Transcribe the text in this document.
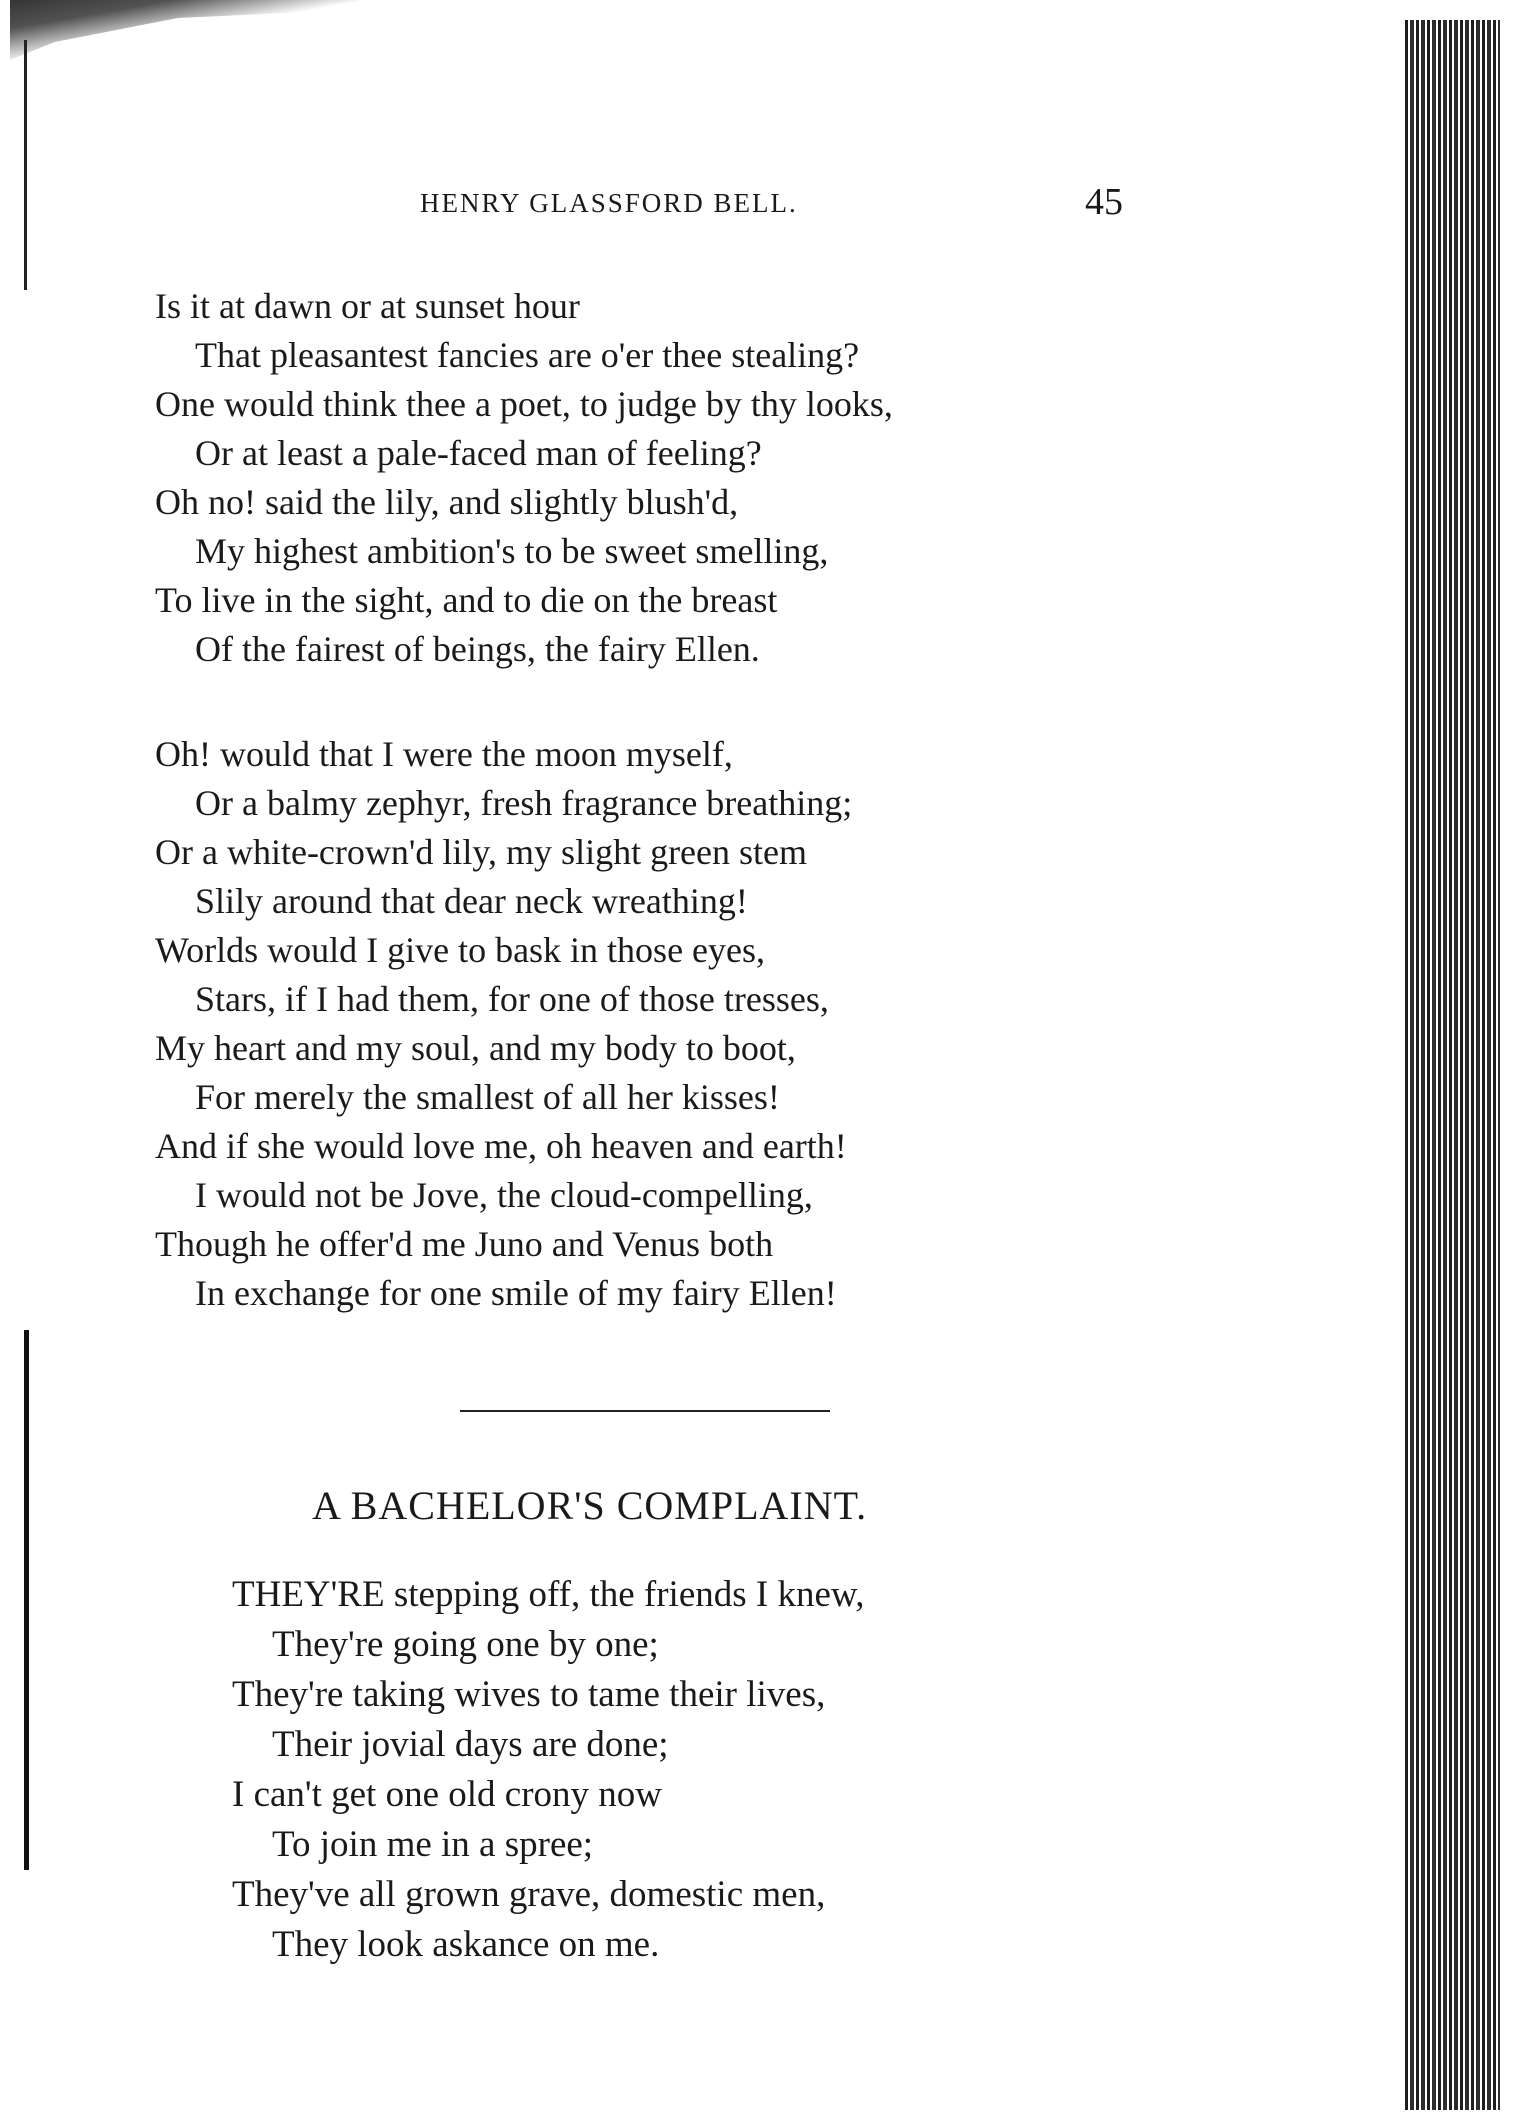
HENRY GLASSFORD BELL.	45
Is it at dawn or at sunset hour
That pleasantest fancies are o'er thee stealing?
One would think thee a poet, to judge by thy looks,
Or at least a pale-faced man of feeling?
Oh no! said the lily, and slightly blush'd,
My highest ambition's to be sweet smelling,
To live in the sight, and to die on the breast
Of the fairest of beings, the fairy Ellen.
Oh! would that I were the moon myself,
Or a balmy zephyr, fresh fragrance breathing;
Or a white-crown'd lily, my slight green stem
Slily around that dear neck wreathing!
Worlds would I give to bask in those eyes,
Stars, if I had them, for one of those tresses,
My heart and my soul, and my body to boot,
For merely the smallest of all her kisses!
And if she would love me, oh heaven and earth!
I would not be Jove, the cloud-compelling,
Though he offer'd me Juno and Venus both
In exchange for one smile of my fairy Ellen!
A BACHELOR'S COMPLAINT.
THEY'RE stepping off, the friends I knew,
They're going one by one;
They're taking wives to tame their lives,
Their jovial days are done;
I can't get one old crony now
To join me in a spree;
They've all grown grave, domestic men,
They look askance on me.
